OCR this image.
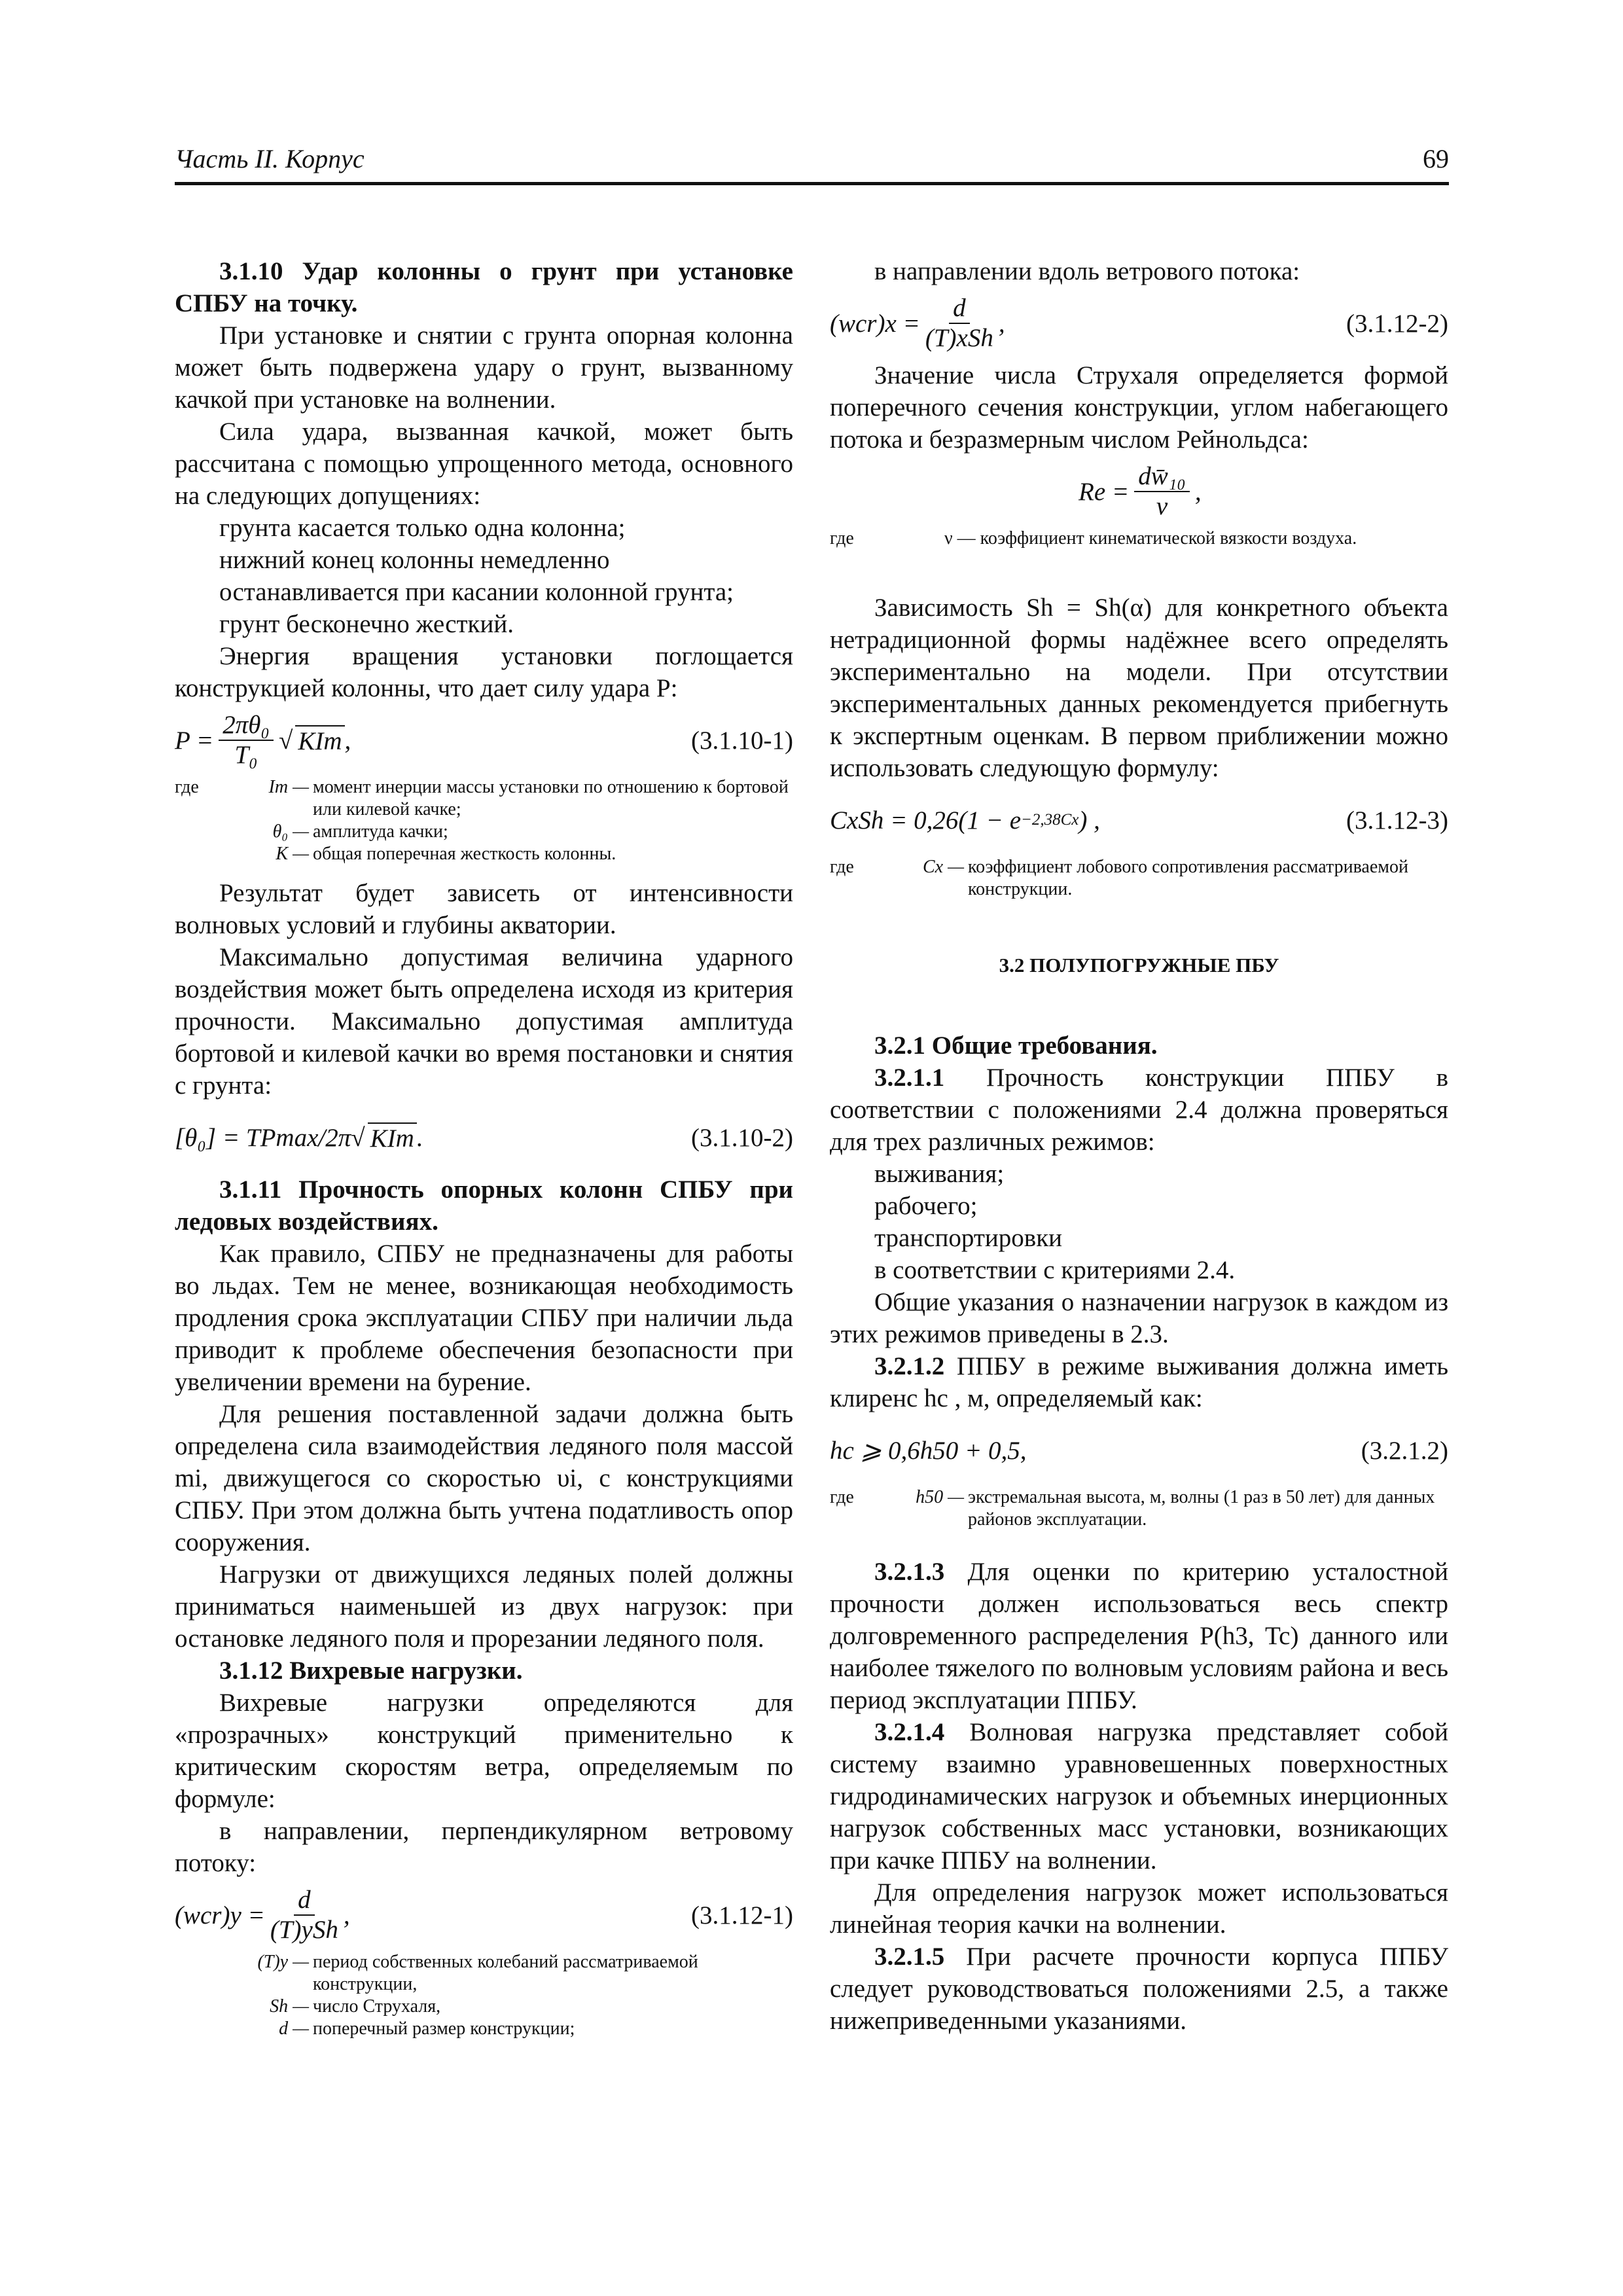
Часть II. Корпус	69

3.1.10 Удар колонны о грунт при установке СПБУ на точку.

При установке и снятии с грунта опорная колонна может быть подвержена удару о грунт, вызванному качкой при установке на волнении.

Сила удара, вызванная качкой, может быть рассчитана с помощью упрощенного метода, основного на следующих допущениях:

грунта касается только одна колонна;

нижний конец колонны немедленно останавливается при касании колонной грунта;

грунт бесконечно жесткий.

Энергия вращения установки поглощается конструкцией колонны, что дает силу удара P:

$P = \frac{\text{2πθ₀}}{\text{T₀}}$ √ KIm ,	(3.1.10-1)
где	Im —	момент инерции массы установки по отношению к бортовой или килевой качке;
	θ₀ —	амплитуда качки;
	K —	общая поперечная жесткость колонны.

Результат будет зависеть от интенсивности волновых условий и глубины акватории.

Максимально допустимая величина ударного воздействия может быть определена исходя из критерия прочности. Максимально допустимая амплитуда бортовой и килевой качки во время постановки и снятия с грунта:

[θ₀] = TPmax/2π √ KIm .	(3.1.10-2)

3.1.11 Прочность опорных колонн СПБУ при ледовых воздействиях.

Как правило, СПБУ не предназначены для работы во льдах. Тем не менее, возникающая необходимость продления срока эксплуатации СПБУ при наличии льда приводит к проблеме обеспечения безопасности при увеличении времени на бурение.

Для решения поставленной задачи должна быть определена сила взаимодействия ледяного поля массой mi, движущегося со скоростью υi, с конструкциями СПБУ. При этом должна быть учтена податливость опор сооружения.

Нагрузки от движущихся ледяных полей должны приниматься наименьшей из двух нагрузок: при остановке ледяного поля и прорезании ледяного поля.

3.1.12 Вихревые нагрузки.

Вихревые нагрузки определяются для «прозрачных» конструкций применительно к критическим скоростям ветра, определяемым по формуле:

в направлении, перпендикулярном ветровому потоку:

(wcr)y =
d
(T)ySh
,	(3.1.12-1)
	(T)y —	период собственных колебаний рассматриваемой конструкции,
	Sh —	число Струхаля,
	d —	поперечный размер конструкции;

в направлении вдоль ветрового потока:

(wcr)x =
d
(T)xSh
,	(3.1.12-2)

Значение числа Струхаля определяется формой поперечного сечения конструкции, углом набегающего потока и безразмерным числом Рейнольдса:

$Re = \frac{\text{dw̄₁₀}}{\nu}$ ,
где	ν — коэффициент кинематической вязкости воздуха.

Зависимость Sh = Sh(α) для конкретного объекта нетрадиционной формы надёжнее всего определять экспериментально на модели. При отсутствии экспериментальных данных рекомендуется прибегнуть к экспертным оценкам. В первом приближении можно использовать следующую формулу:

CxSh = 0,26(1 − e −2,38Cx ) ,	(3.1.12-3)
где	Cx —	коэффициент лобового сопротивления рассматриваемой конструкции.

3.2 ПОЛУПОГРУЖНЫЕ ПБУ

3.2.1 Общие требования.

3.2.1.1 Прочность конструкции ППБУ в соответствии с положениями 2.4 должна проверяться для трех различных режимов:

выживания;

рабочего;

транспортировки

в соответствии с критериями 2.4.

Общие указания о назначении нагрузок в каждом из этих режимов приведены в 2.3.

3.2.1.2 ППБУ в режиме выживания должна иметь клиренс hc , м, определяемый как:

hc ⩾ 0,6h50 + 0,5,	(3.2.1.2)
где	h50 —	экстремальная высота, м, волны (1 раз в 50 лет) для данных районов эксплуатации.

3.2.1.3 Для оценки по критерию усталостной прочности должен использоваться весь спектр долговременного распределения P(h3, Tc) данного или наиболее тяжелого по волновым условиям района и весь период эксплуатации ППБУ.

3.2.1.4 Волновая нагрузка представляет собой систему взаимно уравновешенных поверхностных гидродинамических нагрузок и объемных инерционных нагрузок собственных масс установки, возникающих при качке ППБУ на волнении.

Для определения нагрузок может использоваться линейная теория качки на волнении.

3.2.1.5 При расчете прочности корпуса ППБУ следует руководствоваться положениями 2.5, а также нижеприведенными указаниями.
